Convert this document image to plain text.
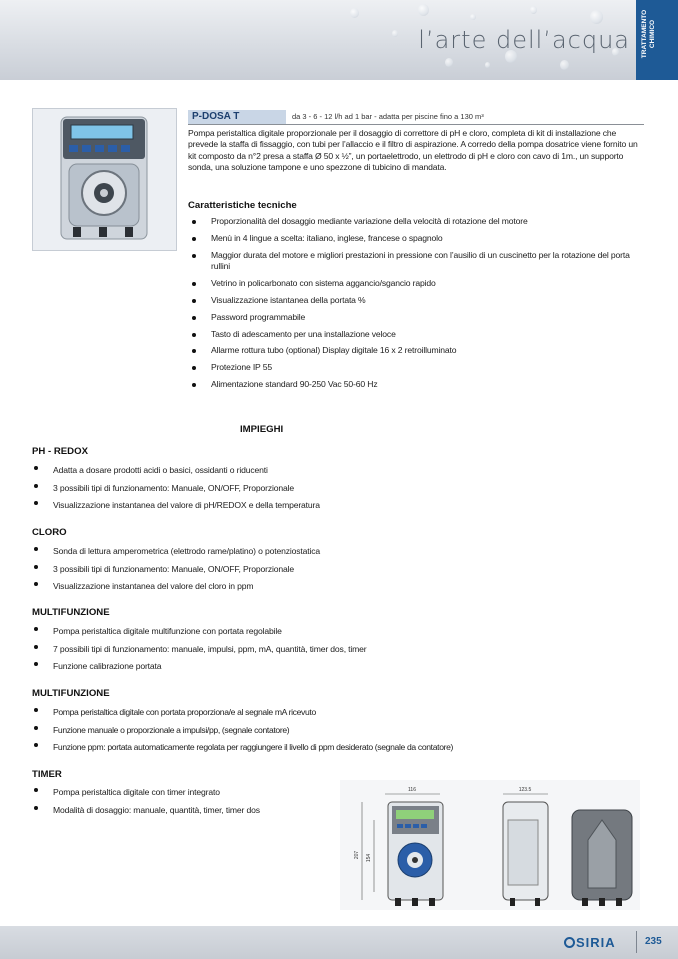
l’arte dell’acqua TRATTAMENTO CHIMICO
P-DOSA T	da 3 - 6 - 12 l/h ad 1 bar - adatta per piscine fino a 130 m³
Pompa peristaltica digitale proporzionale per il dosaggio di correttore di pH e cloro, completa di kit di installazione che prevede la staffa di fissaggio, con tubi per l’allaccio e il filtro di aspirazione. A corredo della pompa dosatrice viene fornito un kit composto da n°2 presa a staffa Ø 50 x ½”, un portaelettrodo, un elettrodo di pH e cloro con cavo di 1m., un supporto sonda, una soluzione tampone e uno spezzone di tubicino di mandata.
Caratteristiche tecniche
Proporzionalità del dosaggio mediante variazione della velocità di rotazione del motore
Menù in 4 lingue a scelta: italiano, inglese, francese o spagnolo
Maggior durata del motore e migliori prestazioni in pressione con l’ausilio di un cuscinetto per la rotazione del porta rullini
Vetrino in policarbonato con sistema aggancio/sgancio rapido
Visualizzazione istantanea della portata %
Password programmabile
Tasto di adescamento per una installazione veloce
Allarme rottura tubo (optional) Display digitale 16 x 2 retroilluminato
Protezione IP 55
Alimentazione standard 90-250 Vac 50-60 Hz
IMPIEGHI
PH - REDOX
Adatta a dosare prodotti acidi o basici, ossidanti o riducenti
3 possibili tipi di funzionamento: Manuale, ON/OFF, Proporzionale
Visualizzazione instantanea del valore di pH/REDOX e della temperatura
CLORO
Sonda di lettura amperometrica (elettrodo rame/platino) o potenziostatica
3 possibili tipi di funzionamento: Manuale, ON/OFF, Proporzionale
Visualizzazione instantanea del valore del cloro in ppm
MULTIFUNZIONE
Pompa peristaltica digitale multifunzione con portata regolabile
7 possibili tipi di funzionamento: manuale, impulsi, ppm, mA, quantità, timer dos, timer
Funzione calibrazione portata
MULTIFUNZIONE
Pompa peristaltica digitale con portata proporziona/e al segnale mA ricevuto
Funzione manuale o proporzionale a impulsi/pp, (segnale contatore)
Funzione ppm: portata automaticamente regolata per raggiungere il livello di ppm desiderato (segnale da contatore)
TIMER
Pompa peristaltica digitale con timer integrato
Modalità di dosaggio: manuale, quantità, timer, timer dos
116	123.5
207 154
SIRIA	235
